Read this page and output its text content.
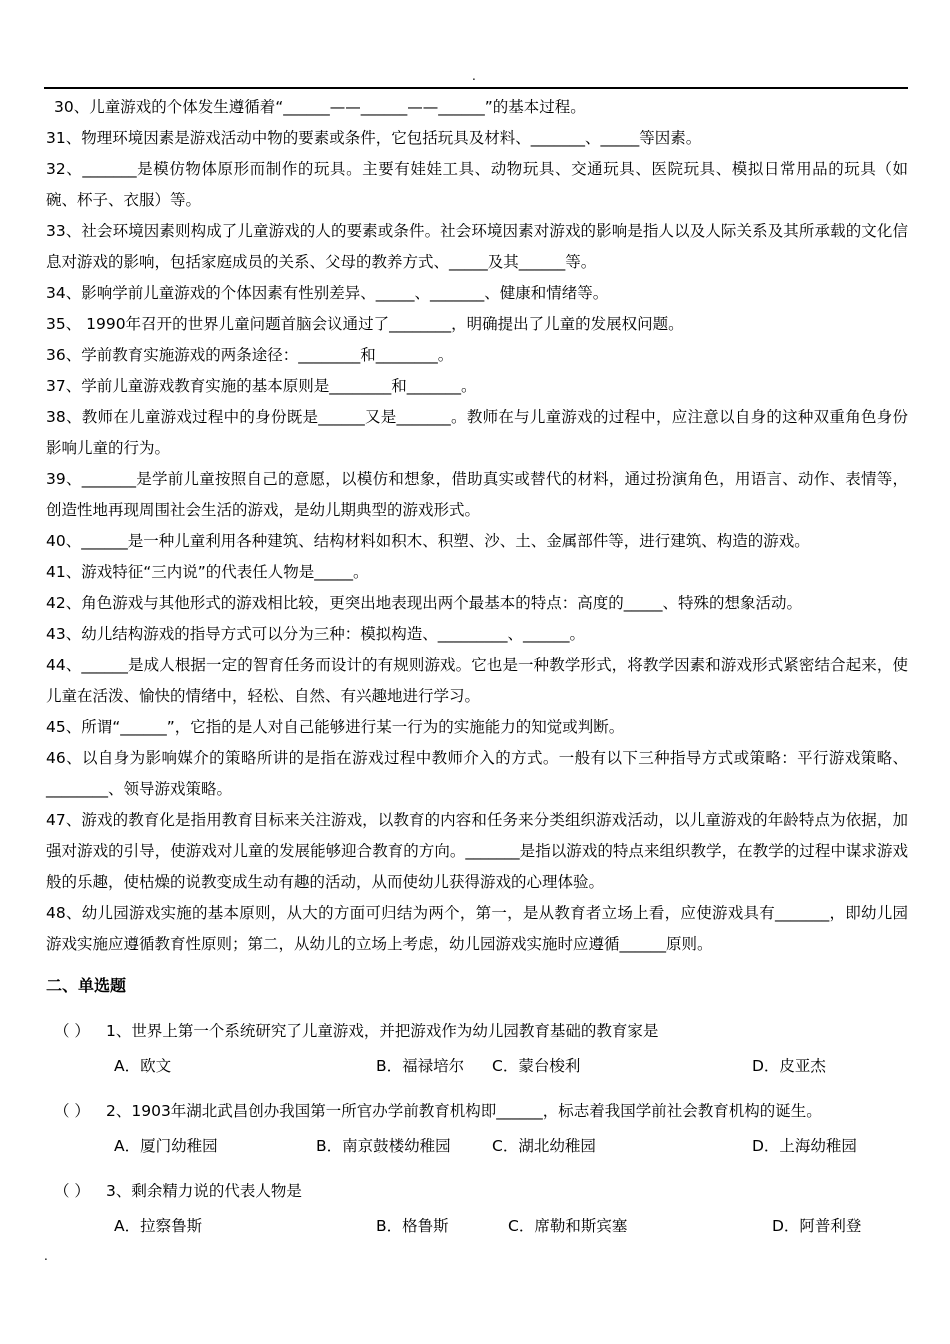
.

30、儿童游戏的个体发生遵循着“______——______——______”的基本过程。

31、物理环境因素是游戏活动中物的要素或条件，它包括玩具及材料、_______、_____等因素。

32、_______是模仿物体原形而制作的玩具。主要有娃娃工具、动物玩具、交通玩具、医院玩具、模拟日常用品的玩具（如碗、杯子、衣服）等。

33、社会环境因素则构成了儿童游戏的人的要素或条件。社会环境因素对游戏的影响是指人以及人际关系及其所承载的文化信息对游戏的影响，包括家庭成员的关系、父母的教养方式、_____及其______等。

34、影响学前儿童游戏的个体因素有性别差异、_____、_______、健康和情绪等。

35、 1990年召开的世界儿童问题首脑会议通过了________，明确提出了儿童的发展权问题。

36、学前教育实施游戏的两条途径：________和________。

37、学前儿童游戏教育实施的基本原则是________和_______。

38、教师在儿童游戏过程中的身份既是______又是_______。教师在与儿童游戏的过程中，应注意以自身的这种双重角色身份影响儿童的行为。

39、_______是学前儿童按照自己的意愿，以模仿和想象，借助真实或替代的材料，通过扮演角色，用语言、动作、表情等，创造性地再现周围社会生活的游戏，是幼儿期典型的游戏形式。

40、______是一种儿童利用各种建筑、结构材料如积木、积塑、沙、土、金属部件等，进行建筑、构造的游戏。

41、游戏特征“三内说”的代表任人物是_____。

42、角色游戏与其他形式的游戏相比较，更突出地表现出两个最基本的特点：高度的_____、特殊的想象活动。

43、幼儿结构游戏的指导方式可以分为三种：模拟构造、_________、______。

44、______是成人根据一定的智育任务而设计的有规则游戏。它也是一种教学形式，将教学因素和游戏形式紧密结合起来，使儿童在活泼、愉快的情绪中，轻松、自然、有兴趣地进行学习。

45、所谓“______”，它指的是人对自己能够进行某一行为的实施能力的知觉或判断。

46、以自身为影响媒介的策略所讲的是指在游戏过程中教师介入的方式。一般有以下三种指导方式或策略：平行游戏策略、________、领导游戏策略。

47、游戏的教育化是指用教育目标来关注游戏，以教育的内容和任务来分类组织游戏活动，以儿童游戏的年龄特点为依据，加强对游戏的引导，使游戏对儿童的发展能够迎合教育的方向。_______是指以游戏的特点来组织教学，在教学的过程中谋求游戏般的乐趣，使枯燥的说教变成生动有趣的活动，从而使幼儿获得游戏的心理体验。

48、幼儿园游戏实施的基本原则，从大的方面可归结为两个，第一，是从教育者立场上看，应使游戏具有_______，即幼儿园游戏实施应遵循教育性原则；第二，从幼儿的立场上考虑，幼儿园游戏实施时应遵循______原则。

二、单选题
（ ） 1、世界上第一个系统研究了儿童游戏，并把游戏作为幼儿园教育基础的教育家是
A．欧文	B．福禄培尔 C．蒙台梭利	D．皮亚杰
（ ） 2、1903年湖北武昌创办我国第一所官办学前教育机构即______，标志着我国学前社会教育机构的诞生。
A．厦门幼稚园	B．南京鼓楼幼稚园	C．湖北幼稚园	D．上海幼稚园
（ ） 3、剩余精力说的代表人物是
A．拉察鲁斯	B．格鲁斯	C．席勒和斯宾塞	D．阿普利登
.
